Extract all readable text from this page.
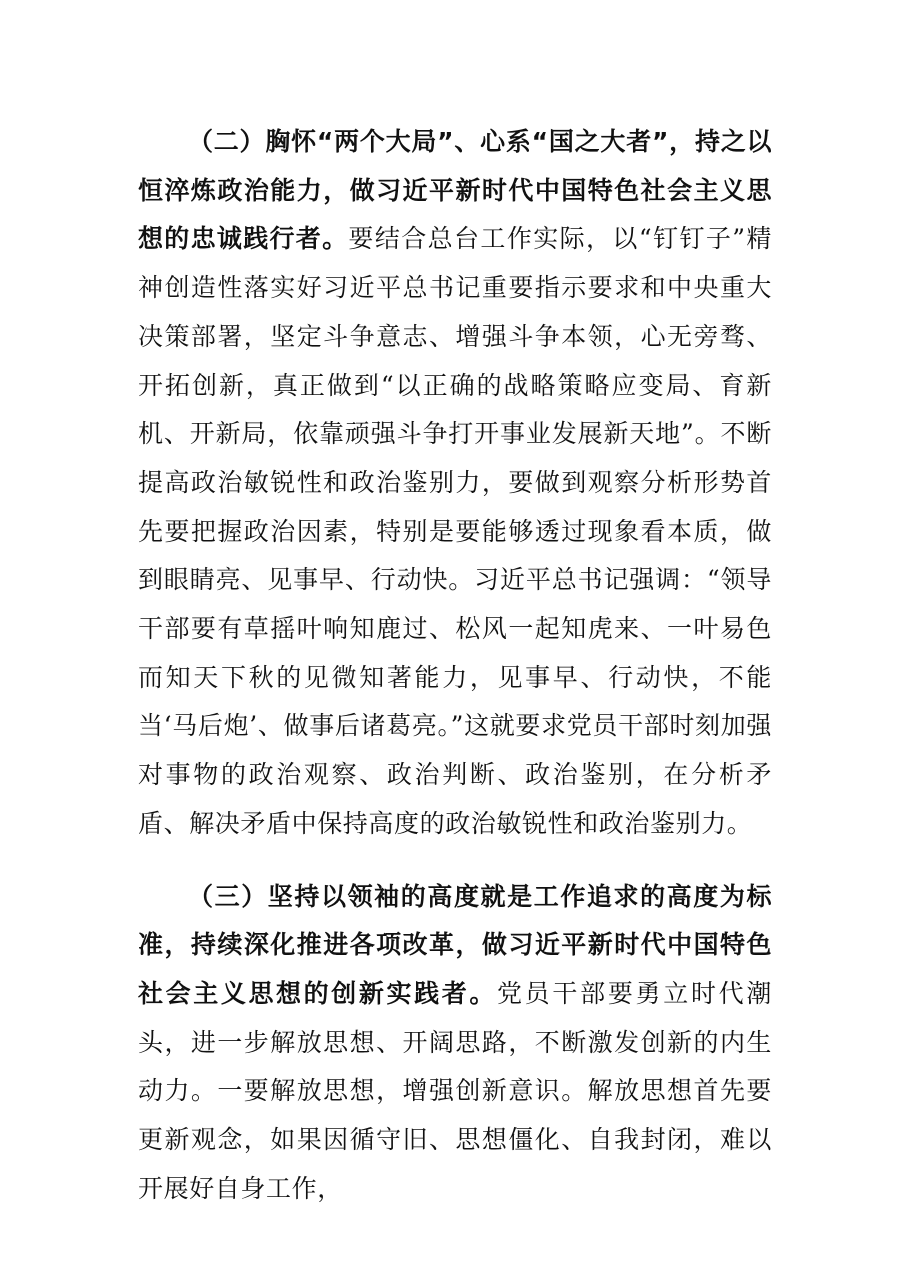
（二）胸怀“两个大局”、心系“国之大者”，持之以恒淬炼政治能力，做习近平新时代中国特色社会主义思想的忠诚践行者。要结合总台工作实际，以“钉钉子”精神创造性落实好习近平总书记重要指示要求和中央重大决策部署，坚定斗争意志、增强斗争本领，心无旁骛、开拓创新，真正做到“以正确的战略策略应变局、育新机、开新局，依靠顽强斗争打开事业发展新天地”。不断提高政治敏锐性和政治鉴别力，要做到观察分析形势首先要把握政治因素，特别是要能够透过现象看本质，做到眼睛亮、见事早、行动快。习近平总书记强调：“领导干部要有草摇叶响知鹿过、松风一起知虎来、一叶易色而知天下秋的见微知著能力，见事早、行动快，不能当‘马后炮’、做事后诸葛亮。”这就要求党员干部时刻加强对事物的政治观察、政治判断、政治鉴别，在分析矛盾、解决矛盾中保持高度的政治敏锐性和政治鉴别力。

（三）坚持以领袖的高度就是工作追求的高度为标准，持续深化推进各项改革，做习近平新时代中国特色社会主义思想的创新实践者。党员干部要勇立时代潮头，进一步解放思想、开阔思路，不断激发创新的内生动力。一要解放思想，增强创新意识。解放思想首先要更新观念，如果因循守旧、思想僵化、自我封闭，难以开展好自身工作，
